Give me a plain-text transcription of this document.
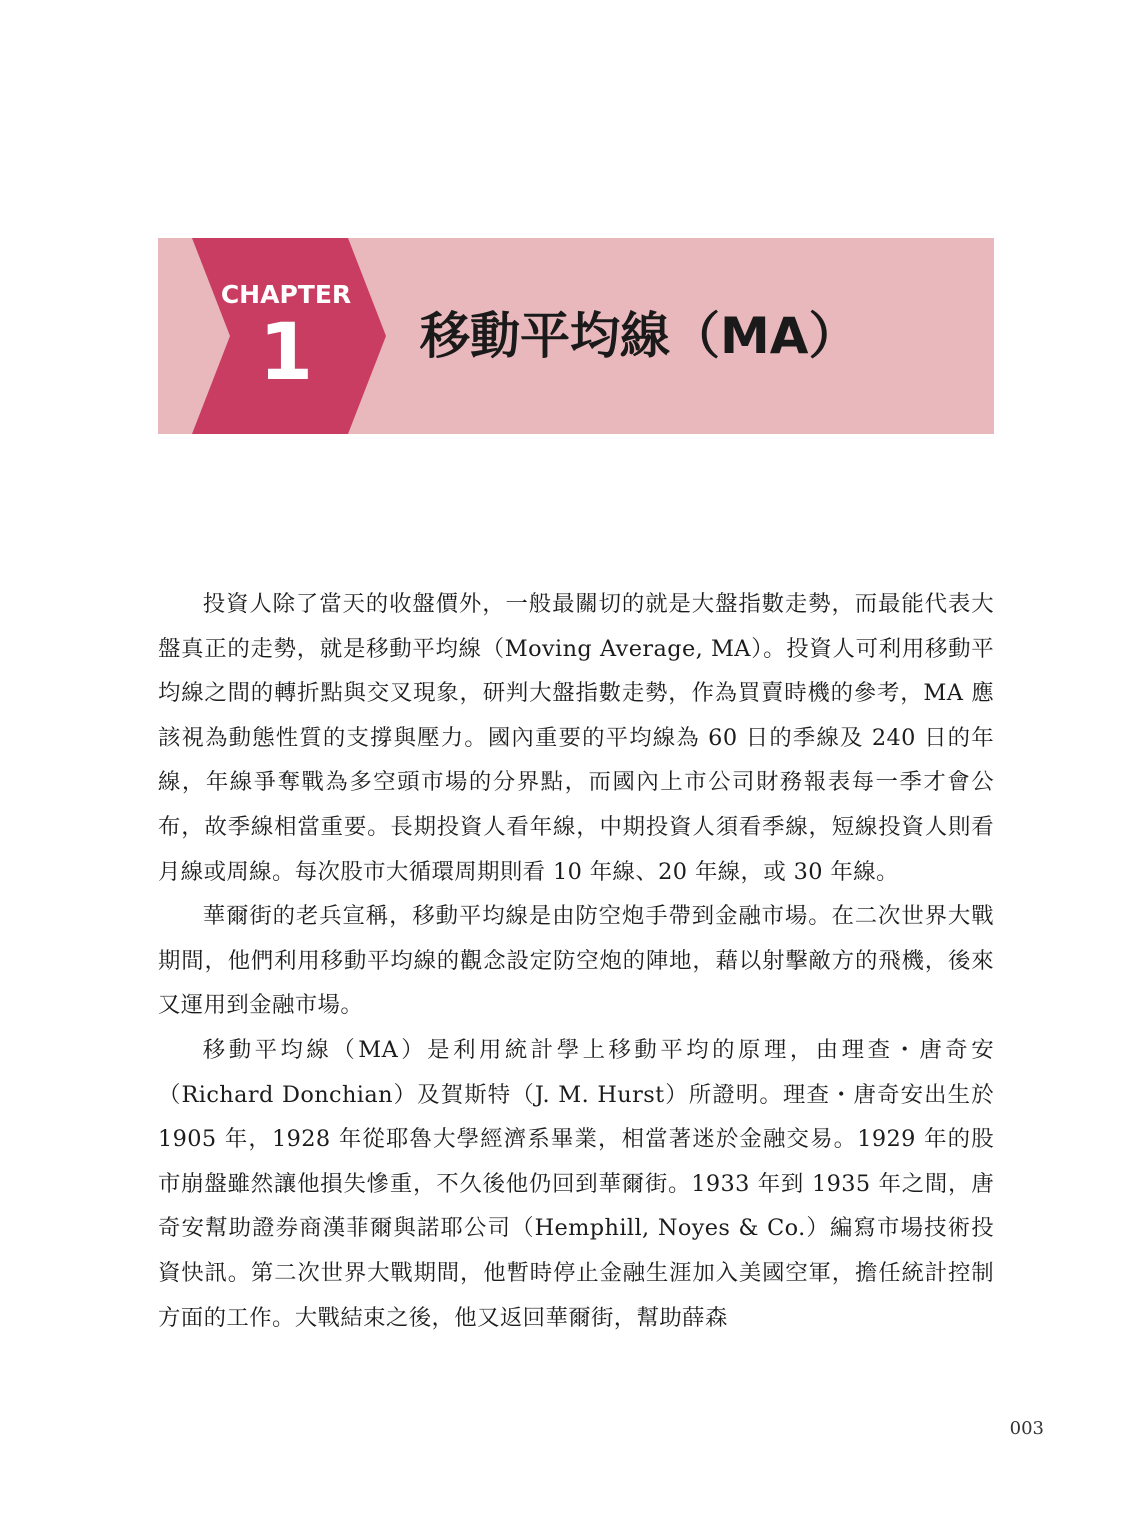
CHAPTER
1	移動平均線（MA）

投資人除了當天的收盤價外，一般最關切的就是大盤指數走勢，而最能代表大盤真正的走勢，就是移動平均線（Moving Average, MA）。投資人可利用移動平均線之間的轉折點與交叉現象，研判大盤指數走勢，作為買賣時機的參考，MA 應該視為動態性質的支撐與壓力。國內重要的平均線為 60 日的季線及 240 日的年線，年線爭奪戰為多空頭市場的分界點，而國內上市公司財務報表每一季才會公布，故季線相當重要。長期投資人看年線，中期投資人須看季線，短線投資人則看月線或周線。每次股市大循環周期則看 10 年線、20 年線，或 30 年線。

華爾街的老兵宣稱，移動平均線是由防空炮手帶到金融市場。在二次世界大戰期間，他們利用移動平均線的觀念設定防空炮的陣地，藉以射擊敵方的飛機，後來又運用到金融市場。

移動平均線（MA）是利用統計學上移動平均的原理，由理查・唐奇安（Richard Donchian）及賀斯特（J. M. Hurst）所證明。理查・唐奇安出生於 1905 年，1928 年從耶魯大學經濟系畢業，相當著迷於金融交易。1929 年的股市崩盤雖然讓他損失慘重，不久後他仍回到華爾街。1933 年到 1935 年之間，唐奇安幫助證券商漢菲爾與諾耶公司（Hemphill, Noyes & Co.）編寫市場技術投資快訊。第二次世界大戰期間，他暫時停止金融生涯加入美國空軍，擔任統計控制方面的工作。大戰結束之後，他又返回華爾街，幫助薛森

003
